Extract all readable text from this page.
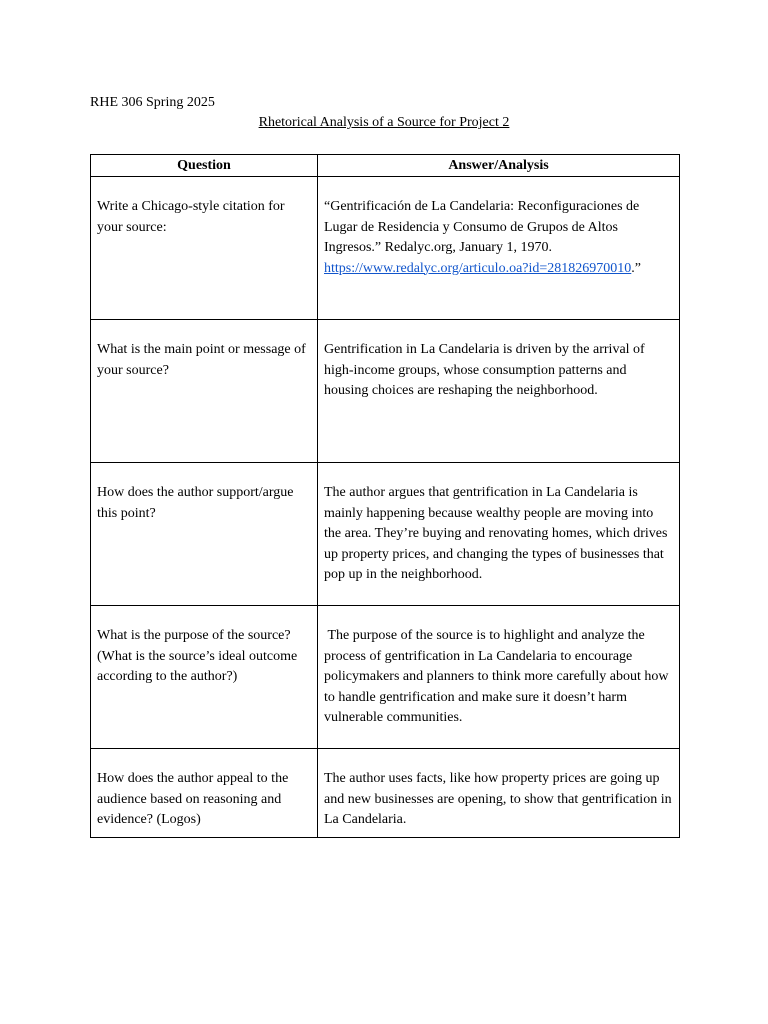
RHE 306 Spring 2025

Rhetorical Analysis of a Source for Project 2

Question	Answer/Analysis
Write a Chicago-style citation for your source:	“Gentrificación de La Candelaria: Reconfiguraciones de Lugar de Residencia y Consumo de Grupos de Altos Ingresos.” Redalyc.org, January 1, 1970. https://www.redalyc.org/articulo.oa?id=281826970010.”
What is the main point or message of your source?	Gentrification in La Candelaria is driven by the arrival of high-income groups, whose consumption patterns and housing choices are reshaping the neighborhood.
How does the author support/argue this point?	The author argues that gentrification in La Candelaria is mainly happening because wealthy people are moving into the area. They’re buying and renovating homes, which drives up property prices, and changing the types of businesses that pop up in the neighborhood.
What is the purpose of the source? (What is the source’s ideal outcome according to the author?)	The purpose of the source is to highlight and analyze the process of gentrification in La Candelaria to encourage policymakers and planners to think more carefully about how to handle gentrification and make sure it doesn’t harm vulnerable communities.
How does the author appeal to the audience based on reasoning and evidence? (Logos)	The author uses facts, like how property prices are going up and new businesses are opening, to show that gentrification in La Candelaria.
